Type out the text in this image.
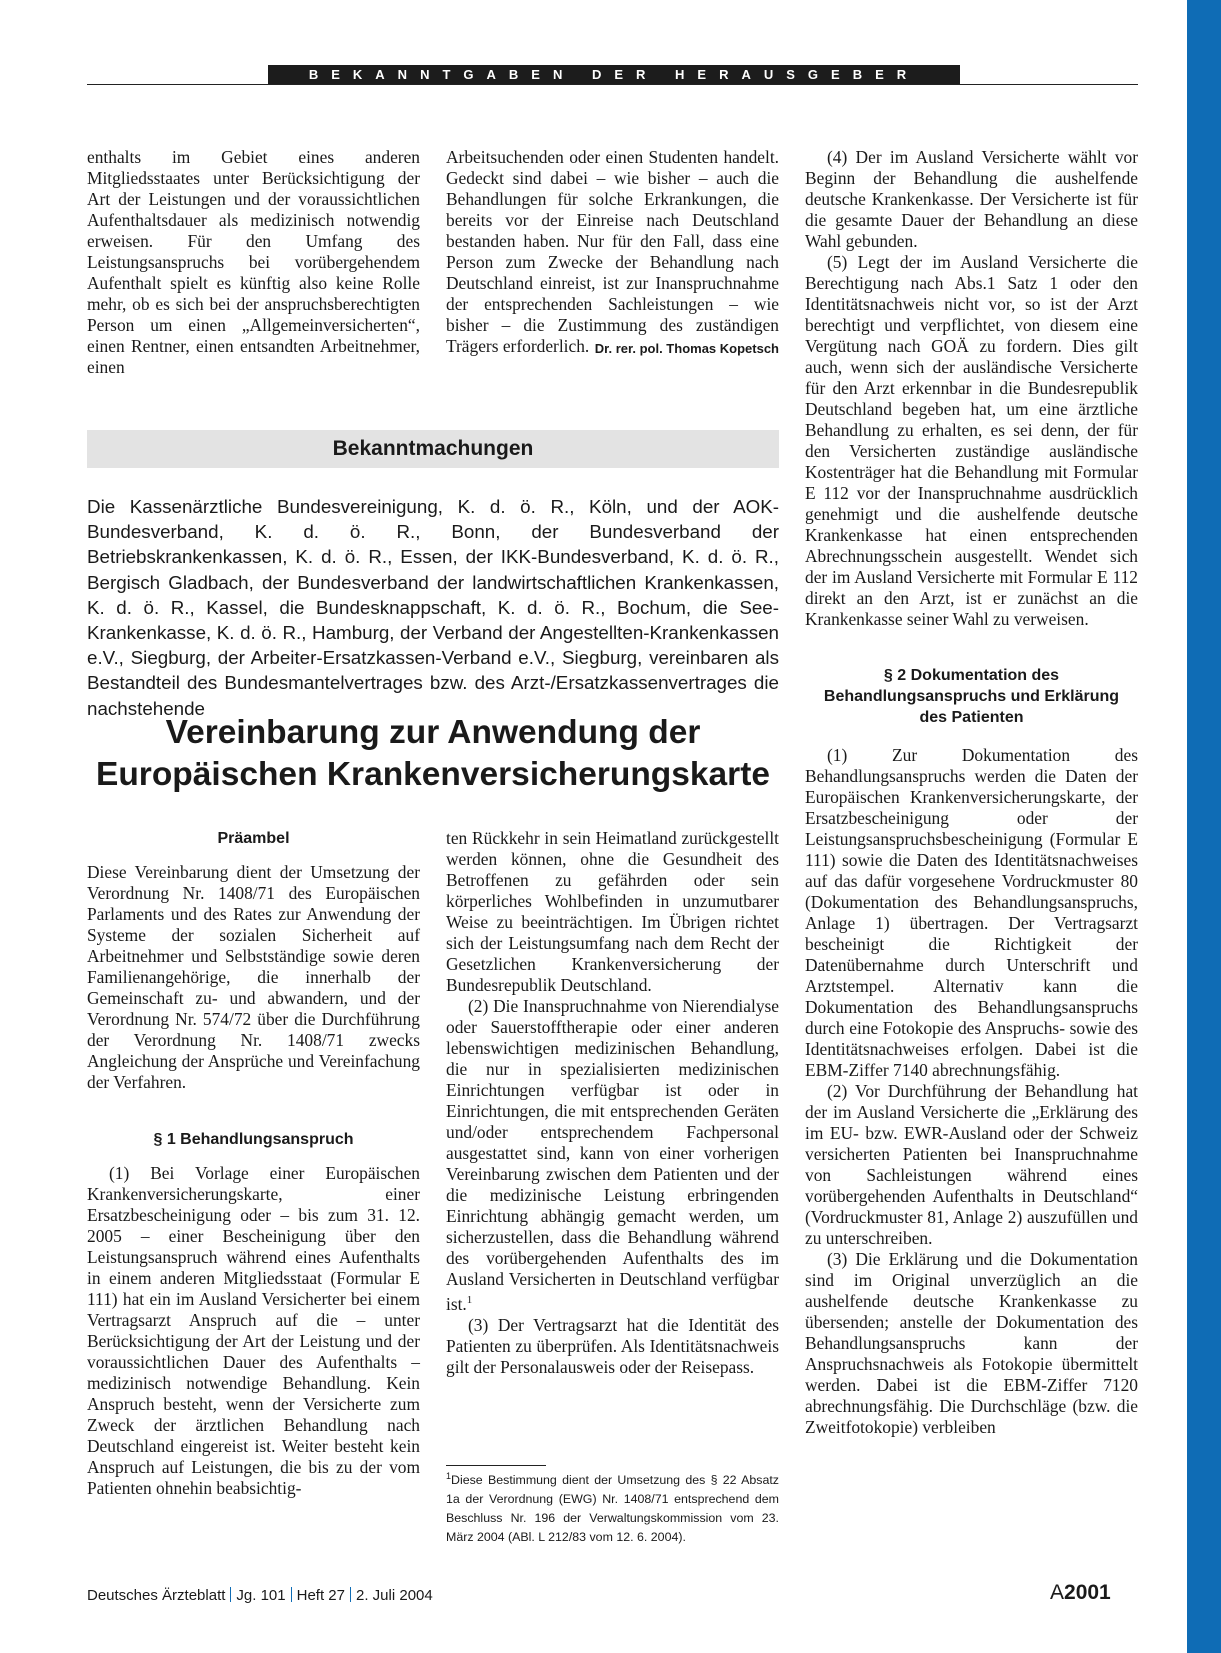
BEKANNTGABEN DER HERAUSGEBER

enthalts im Gebiet eines anderen Mitgliedsstaates unter Berücksichtigung der Art der Leistungen und der voraussichtlichen Aufenthaltsdauer als medizinisch notwendig erweisen. Für den Umfang des Leistungsanspruchs bei vorübergehendem Aufenthalt spielt es künftig also keine Rolle mehr, ob es sich bei der anspruchsberechtigten Person um einen „Allgemeinversicherten“, einen Rentner, einen entsandten Arbeitnehmer, einen

Arbeitsuchenden oder einen Studenten handelt. Gedeckt sind dabei – wie bisher – auch die Behandlungen für solche Erkrankungen, die bereits vor der Einreise nach Deutschland bestanden haben. Nur für den Fall, dass eine Person zum Zwecke der Behandlung nach Deutschland einreist, ist zur Inanspruchnahme der entsprechenden Sachleistungen – wie bisher – die Zustimmung des zuständigen Trägers erforderlich. Dr. rer. pol. Thomas Kopetsch
Bekanntmachungen
Die Kassenärztliche Bundesvereinigung, K. d. ö. R., Köln, und der AOK-Bundesverband, K. d. ö. R., Bonn, der Bundesverband der Betriebskrankenkassen, K. d. ö. R., Essen, der IKK-Bundesverband, K. d. ö. R., Bergisch Gladbach, der Bundesverband der landwirtschaftlichen Krankenkassen, K. d. ö. R., Kassel, die Bundesknappschaft, K. d. ö. R., Bochum, die See-Krankenkasse, K. d. ö. R., Hamburg, der Verband der Angestellten-Krankenkassen e.V., Siegburg, der Arbeiter-Ersatzkassen-Verband e.V., Siegburg, vereinbaren als Bestandteil des Bundesmantelvertrages bzw. des Arzt-/Ersatzkassenvertrages die nachstehende
Vereinbarung zur Anwendung der
Europäischen Krankenversicherungskarte
Präambel

Diese Vereinbarung dient der Umsetzung der Verordnung Nr. 1408/71 des Europäischen Parlaments und des Rates zur Anwendung der Systeme der sozialen Sicherheit auf Arbeitnehmer und Selbstständige sowie deren Familienangehörige, die innerhalb der Gemeinschaft zu- und abwandern, und der Verordnung Nr. 574/72 über die Durchführung der Verordnung Nr. 1408/71 zwecks Angleichung der Ansprüche und Vereinfachung der Verfahren.

§ 1 Behandlungsanspruch

(1) Bei Vorlage einer Europäischen Krankenversicherungskarte, einer Ersatzbescheinigung oder – bis zum 31. 12. 2005 – einer Bescheinigung über den Leistungsanspruch während eines Aufenthalts in einem anderen Mitgliedsstaat (Formular E 111) hat ein im Ausland Versicherter bei einem Vertragsarzt Anspruch auf die – unter Berücksichtigung der Art der Leistung und der voraussichtlichen Dauer des Aufenthalts – medizinisch notwendige Behandlung. Kein Anspruch besteht, wenn der Versicherte zum Zweck der ärztlichen Behandlung nach Deutschland eingereist ist. Weiter besteht kein Anspruch auf Leistungen, die bis zu der vom Patienten ohnehin beabsichtig-

ten Rückkehr in sein Heimatland zurückgestellt werden können, ohne die Gesundheit des Betroffenen zu gefährden oder sein körperliches Wohlbefinden in unzumutbarer Weise zu beeinträchtigen. Im Übrigen richtet sich der Leistungsumfang nach dem Recht der Gesetzlichen Krankenversicherung der Bundesrepublik Deutschland.

(2) Die Inanspruchnahme von Nierendialyse oder Sauerstofftherapie oder einer anderen lebenswichtigen medizinischen Behandlung, die nur in spezialisierten medizinischen Einrichtungen verfügbar ist oder in Einrichtungen, die mit entsprechenden Geräten und/oder entsprechendem Fachpersonal ausgestattet sind, kann von einer vorherigen Vereinbarung zwischen dem Patienten und der die medizinische Leistung erbringenden Einrichtung abhängig gemacht werden, um sicherzustellen, dass die Behandlung während des vorübergehenden Aufenthalts des im Ausland Versicherten in Deutschland verfügbar ist.$^1$

(3) Der Vertragsarzt hat die Identität des Patienten zu überprüfen. Als Identitätsnachweis gilt der Personalausweis oder der Reisepass.

$^1$Diese Bestimmung dient der Umsetzung des § 22 Absatz 1a der Verordnung (EWG) Nr. 1408/71 entsprechend dem Beschluss Nr. 196 der Verwaltungskommission vom 23. März 2004 (ABl. L 212/83 vom 12. 6. 2004).

(4) Der im Ausland Versicherte wählt vor Beginn der Behandlung die aushelfende deutsche Krankenkasse. Der Versicherte ist für die gesamte Dauer der Behandlung an diese Wahl gebunden.

(5) Legt der im Ausland Versicherte die Berechtigung nach Abs.1 Satz 1 oder den Identitätsnachweis nicht vor, so ist der Arzt berechtigt und verpflichtet, von diesem eine Vergütung nach GOÄ zu fordern. Dies gilt auch, wenn sich der ausländische Versicherte für den Arzt erkennbar in die Bundesrepublik Deutschland begeben hat, um eine ärztliche Behandlung zu erhalten, es sei denn, der für den Versicherten zuständige ausländische Kostenträger hat die Behandlung mit Formular E 112 vor der Inanspruchnahme ausdrücklich genehmigt und die aushelfende deutsche Krankenkasse hat einen entsprechenden Abrechnungsschein ausgestellt. Wendet sich der im Ausland Versicherte mit Formular E 112 direkt an den Arzt, ist er zunächst an die Krankenkasse seiner Wahl zu verweisen.

§ 2 Dokumentation des
Behandlungsanspruchs und Erklärung
des Patienten

(1) Zur Dokumentation des Behandlungsanspruchs werden die Daten der Europäischen Krankenversicherungskarte, der Ersatzbescheinigung oder der Leistungsanspruchsbescheinigung (Formular E 111) sowie die Daten des Identitätsnachweises auf das dafür vorgesehene Vordruckmuster 80 (Dokumentation des Behandlungsanspruchs, Anlage 1) übertragen. Der Vertragsarzt bescheinigt die Richtigkeit der Datenübernahme durch Unterschrift und Arztstempel. Alternativ kann die Dokumentation des Behandlungsanspruchs durch eine Fotokopie des Anspruchs- sowie des Identitätsnachweises erfolgen. Dabei ist die EBM-Ziffer 7140 abrechnungsfähig.

(2) Vor Durchführung der Behandlung hat der im Ausland Versicherte die „Erklärung des im EU- bzw. EWR-Ausland oder der Schweiz versicherten Patienten bei Inanspruchnahme von Sachleistungen während eines vorübergehenden Aufenthalts in Deutschland“ (Vordruckmuster 81, Anlage 2) auszufüllen und zu unterschreiben.

(3) Die Erklärung und die Dokumentation sind im Original unverzüglich an die aushelfende deutsche Krankenkasse zu übersenden; anstelle der Dokumentation des Behandlungsanspruchs kann der Anspruchsnachweis als Fotokopie übermittelt werden. Dabei ist die EBM-Ziffer 7120 abrechnungsfähig. Die Durchschläge (bzw. die Zweitfotokopie) verbleiben

Deutsches Ärzteblatt Jg. 101 Heft 27 2. Juli 2004	A2001
